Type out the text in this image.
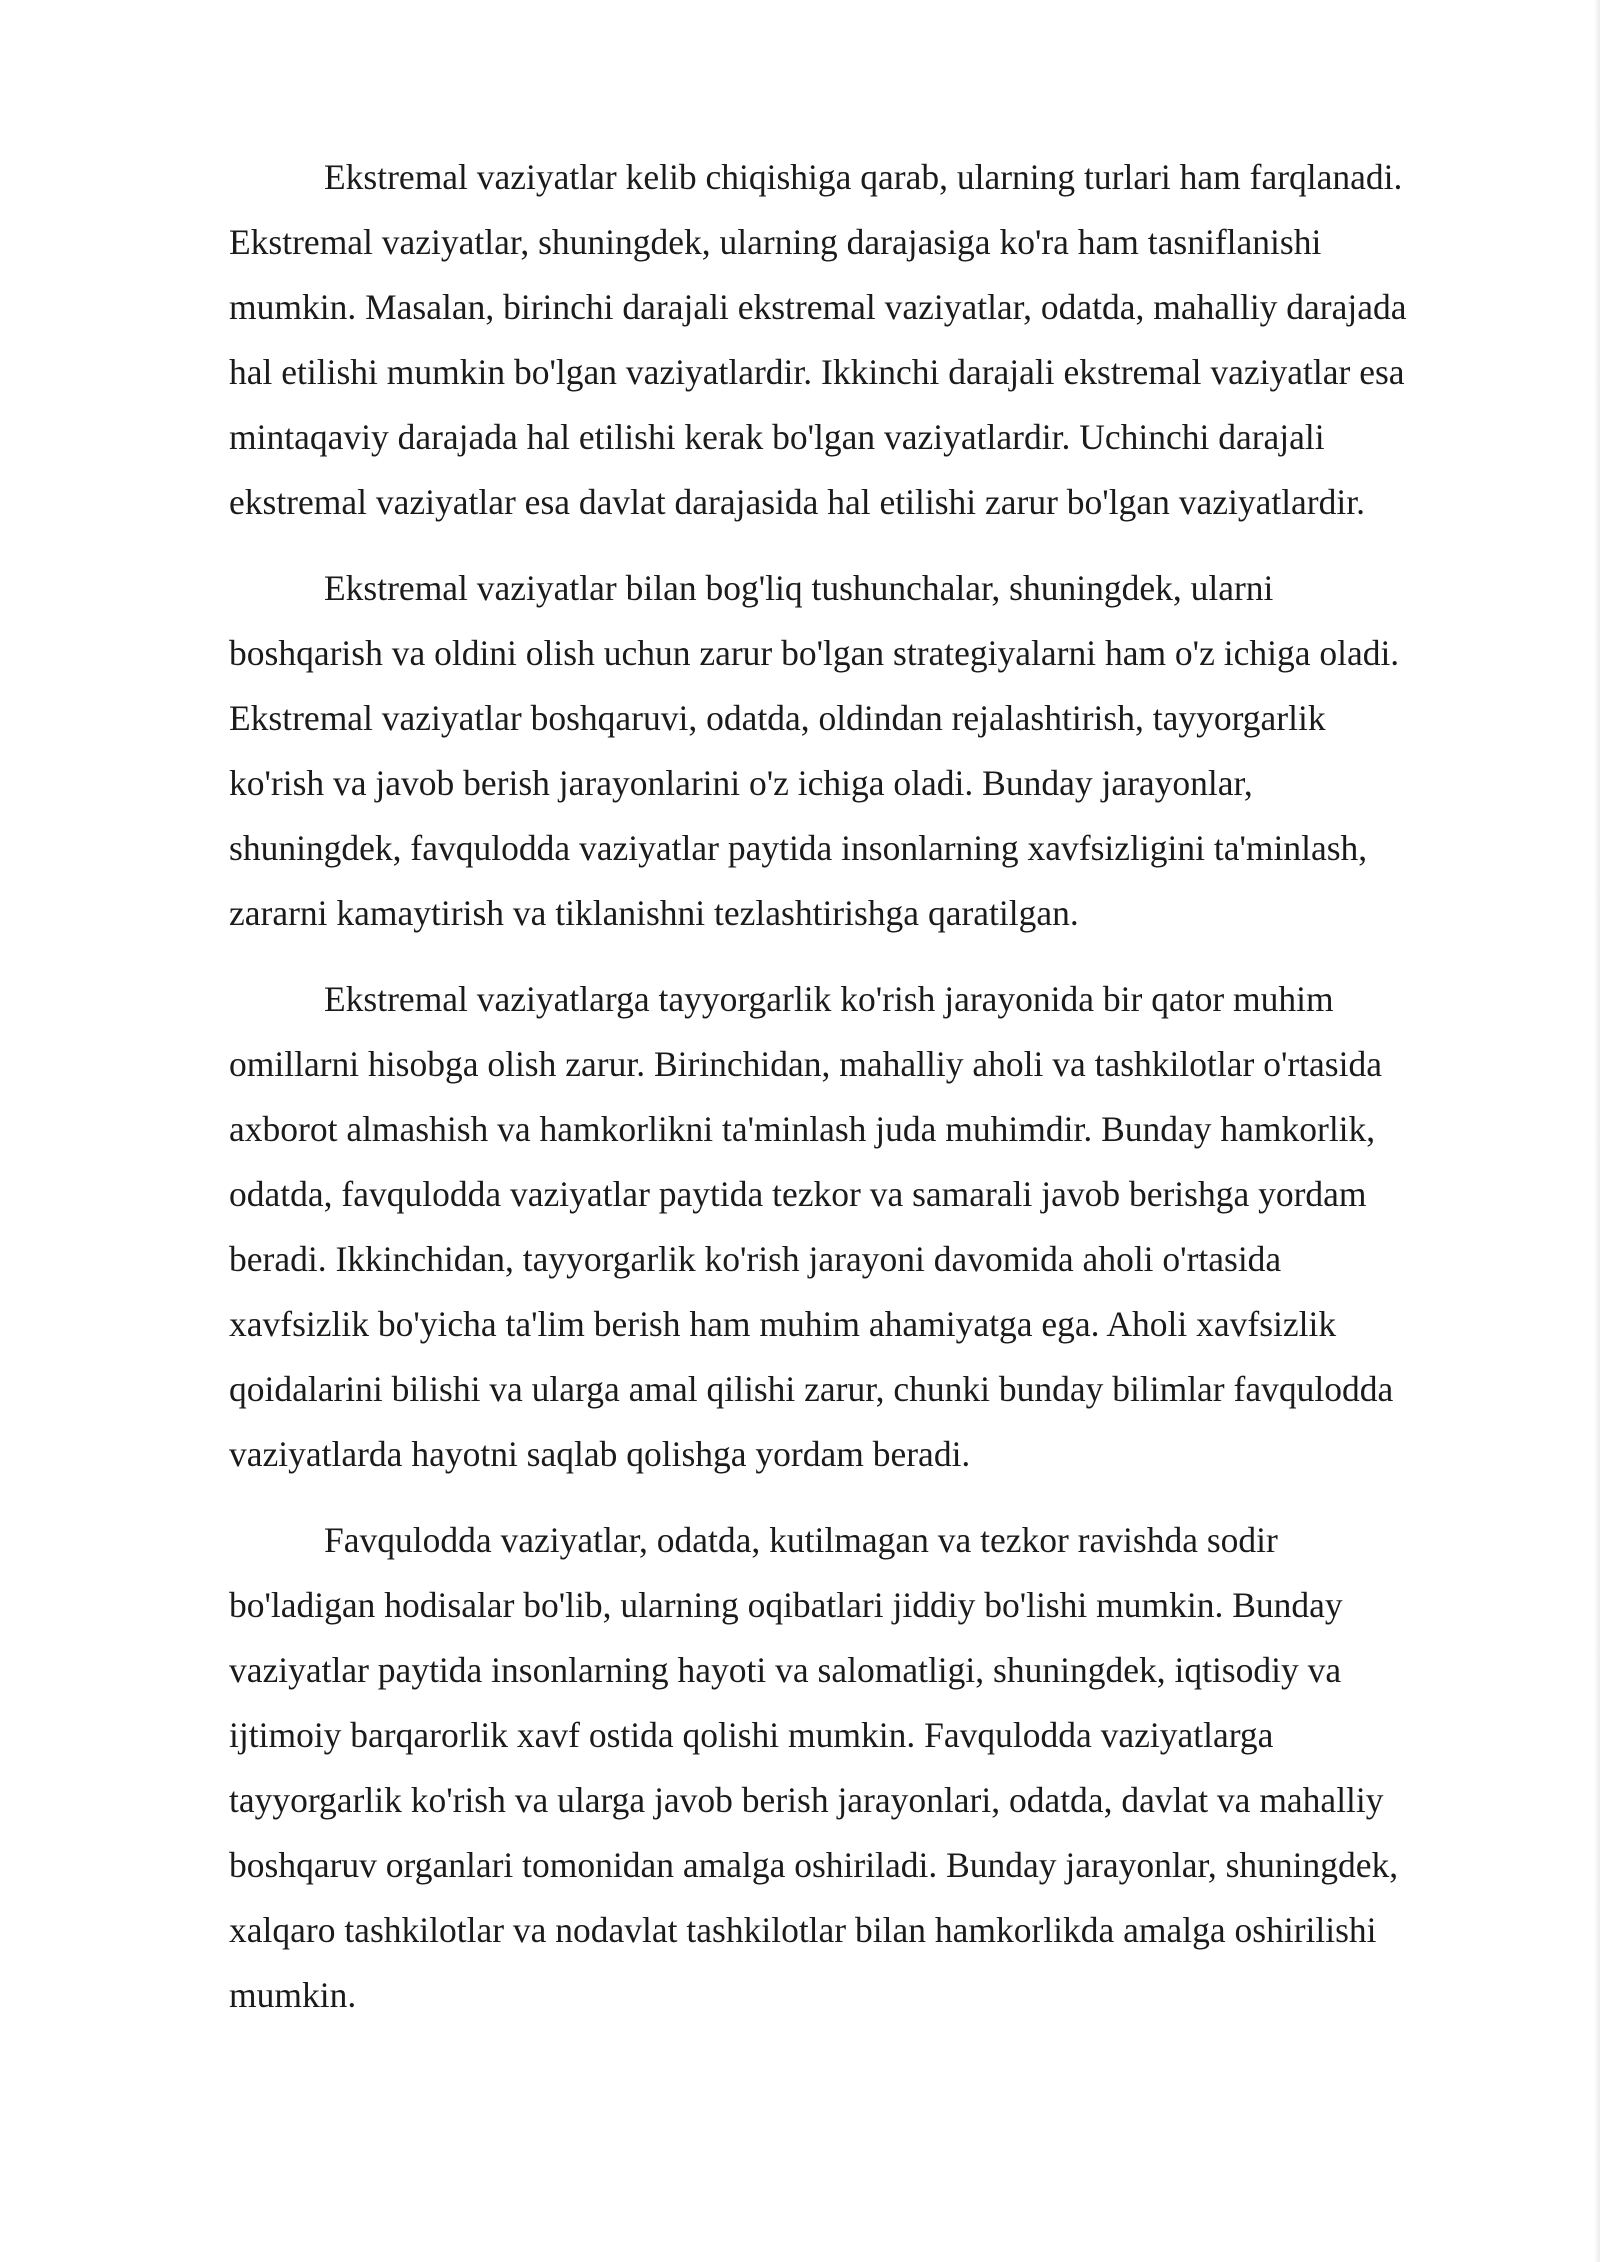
Ekstremal vaziyatlar kelib chiqishiga qarab, ularning turlari ham farqlanadi.
Ekstremal vaziyatlar, shuningdek, ularning darajasiga ko'ra ham tasniflanishi
mumkin. Masalan, birinchi darajali ekstremal vaziyatlar, odatda, mahalliy darajada
hal etilishi mumkin bo'lgan vaziyatlardir. Ikkinchi darajali ekstremal vaziyatlar esa
mintaqaviy darajada hal etilishi kerak bo'lgan vaziyatlardir. Uchinchi darajali
ekstremal vaziyatlar esa davlat darajasida hal etilishi zarur bo'lgan vaziyatlardir.

Ekstremal vaziyatlar bilan bog'liq tushunchalar, shuningdek, ularni
boshqarish va oldini olish uchun zarur bo'lgan strategiyalarni ham o'z ichiga oladi.
Ekstremal vaziyatlar boshqaruvi, odatda, oldindan rejalashtirish, tayyorgarlik
ko'rish va javob berish jarayonlarini o'z ichiga oladi. Bunday jarayonlar,
shuningdek, favqulodda vaziyatlar paytida insonlarning xavfsizligini ta'minlash,
zararni kamaytirish va tiklanishni tezlashtirishga qaratilgan.

Ekstremal vaziyatlarga tayyorgarlik ko'rish jarayonida bir qator muhim
omillarni hisobga olish zarur. Birinchidan, mahalliy aholi va tashkilotlar o'rtasida
axborot almashish va hamkorlikni ta'minlash juda muhimdir. Bunday hamkorlik,
odatda, favqulodda vaziyatlar paytida tezkor va samarali javob berishga yordam
beradi. Ikkinchidan, tayyorgarlik ko'rish jarayoni davomida aholi o'rtasida
xavfsizlik bo'yicha ta'lim berish ham muhim ahamiyatga ega. Aholi xavfsizlik
qoidalarini bilishi va ularga amal qilishi zarur, chunki bunday bilimlar favqulodda
vaziyatlarda hayotni saqlab qolishga yordam beradi.

Favqulodda vaziyatlar, odatda, kutilmagan va tezkor ravishda sodir
bo'ladigan hodisalar bo'lib, ularning oqibatlari jiddiy bo'lishi mumkin. Bunday
vaziyatlar paytida insonlarning hayoti va salomatligi, shuningdek, iqtisodiy va
ijtimoiy barqarorlik xavf ostida qolishi mumkin. Favqulodda vaziyatlarga
tayyorgarlik ko'rish va ularga javob berish jarayonlari, odatda, davlat va mahalliy
boshqaruv organlari tomonidan amalga oshiriladi. Bunday jarayonlar, shuningdek,
xalqaro tashkilotlar va nodavlat tashkilotlar bilan hamkorlikda amalga oshirilishi
mumkin.
